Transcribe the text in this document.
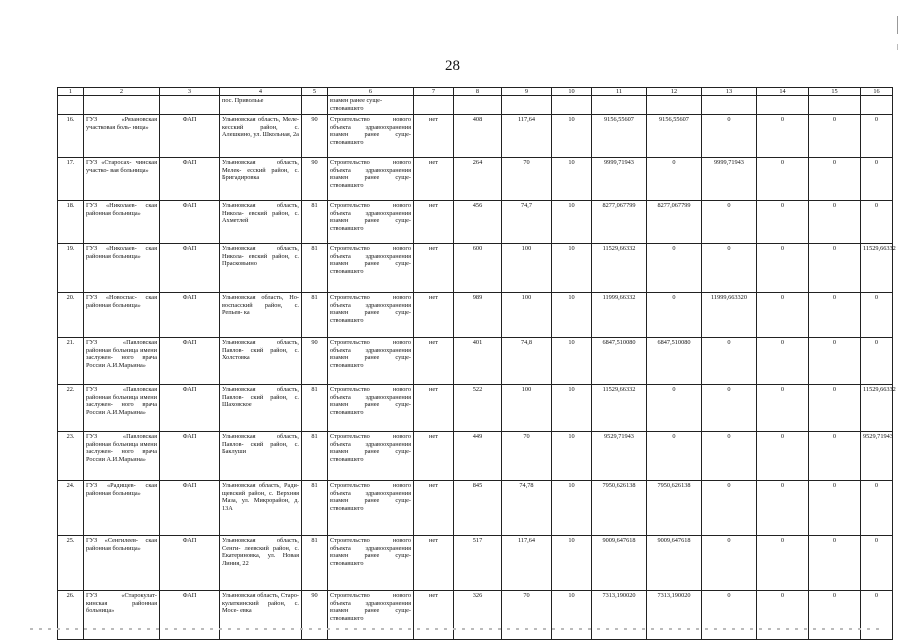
28
1	2	3	4	5	6	7	8	9	10	11	12	13	14	15	16
			пос. Привольье		взамен ранее суще- ствовавшего										
16.	ГУЗ «Рязановская участковая боль- ница»	ФАП	Ульяновская область, Меле- кесский район, с. Алешкино, ул. Школьная, 2а	90	Строительство нового объекта здравоохранения взамен ранее суще- ствовавшего	нет	408	117,64	10	9156,55607	9156,55607	0	0	0	0
17.	ГУЗ «Старосах- чинская участко- вая больница»	ФАП	Ульяновская область, Мелек- есский район, с. Бригадировка	90	Строительство нового объекта здравоохранения взамен ранее суще- ствовавшего	нет	264	70	10	9999,71943	0	9999,71943	0	0	0
18.	ГУЗ «Николаев- ская районная больница»	ФАП	Ульяновская область, Никола- евский район, с. Ахметлей	81	Строительство нового объекта здравоохранения взамен ранее суще- ствовавшего	нет	456	74,7	10	8277,067799	8277,067799	0	0	0	0
19.	ГУЗ «Николаев- ская районная больница»	ФАП	Ульяновская область, Никола- евский район, с. Прасковьино	81	Строительство нового объекта здравоохранения взамен ранее суще- ствовавшего	нет	600	100	10	11529,66332	0	0	0	0	11529,66332
20.	ГУЗ «Новоспас- ская районная больница»	ФАП	Ульяновская область, Но- воспасский район, с. Репьев- ка	81	Строительство нового объекта здравоохранения взамен ранее суще- ствовавшего	нет	989	100	10	11999,66332	0	11999,663320	0	0	0
21.	ГУЗ «Павловская районная больница имени заслужен- ного врача России А.И.Марьина»	ФАП	Ульяновская область, Павлов- ский район, с. Холстовка	90	Строительство нового объекта здравоохранения взамен ранее суще- ствовавшего	нет	401	74,8	10	6847,510080	6847,510080	0	0	0	0
22.	ГУЗ «Павловская районная больница имени заслужен- ного врача России А.И.Марьина»	ФАП	Ульяновская область, Павлов- ский район, с. Шаховское	81	Строительство нового объекта здравоохранения взамен ранее суще- ствовавшего	нет	522	100	10	11529,66332	0	0	0	0	11529,66332
23.	ГУЗ «Павловская районная больница имени заслужен- ного врача России А.И.Марьина»	ФАП	Ульяновская область, Павлов- ский район, с. Баклуши	81	Строительство нового объекта здравоохранения взамен ранее суще- ствовавшего	нет	449	70	10	9529,71943	0	0	0	0	9529,71943
24.	ГУЗ «Радищев- ская районная больница»	ФАП	Ульяновская область, Ради- щевский район, с. Верхняя Маза, ул. Микрорайон, д. 13А	81	Строительство нового объекта здравоохранения взамен ранее суще- ствовавшего	нет	845	74,78	10	7950,626138	7950,626138	0	0	0	0
25.	ГУЗ «Сенгилеев- ская районная больница»	ФАП	Ульяновская область, Сенги- леевский район, с. Екатериновка, ул. Новая Линия, 22	81	Строительство нового объекта здравоохранения взамен ранее суще- ствовавшего	нет	517	117,64	10	9009,647618	9009,647618	0	0	0	0
26.	ГУЗ «Старокулат- кинская районная больница»	ФАП	Ульяновская область, Старо- кулаткинский район, с. Мосе- евка	90	Строительство нового объекта здравоохранения взамен ранее суще- ствовавшего	нет	326	70	10	7313,190020	7313,190020	0	0	0	0
